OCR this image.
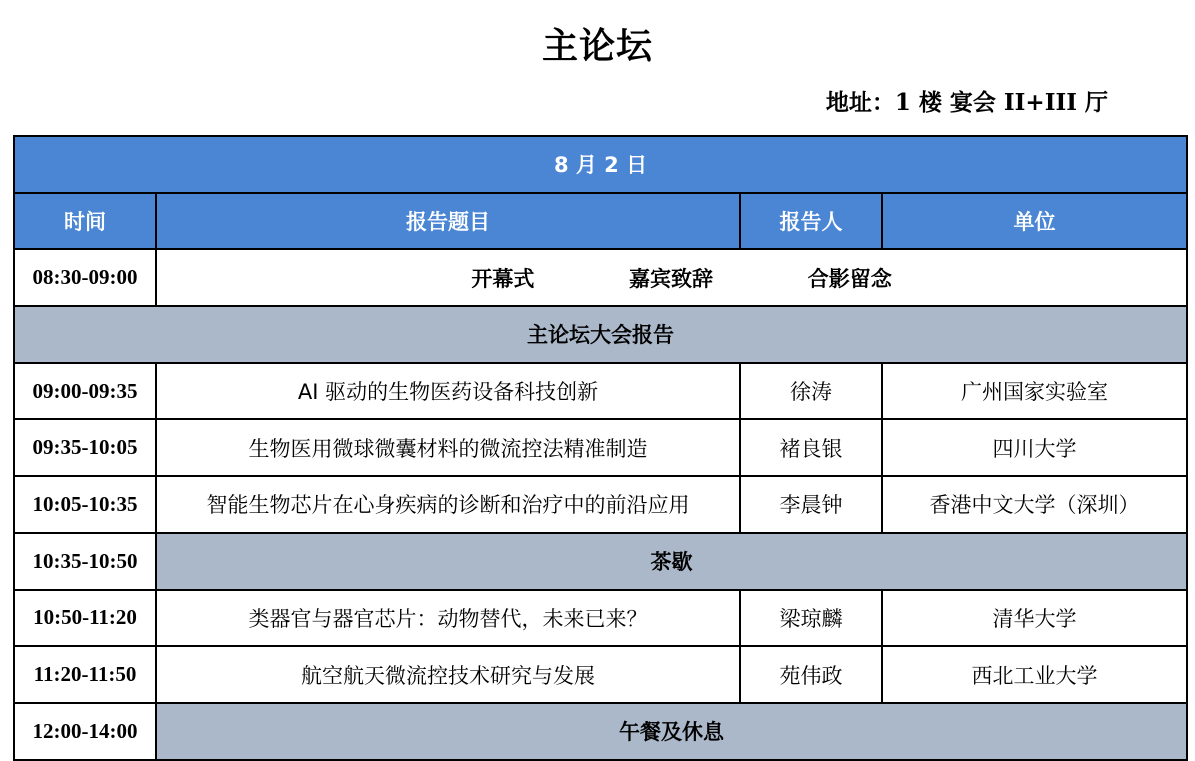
主论坛
地址：1 楼 宴会 II+III 厅
8 月 2 日			
时间	报告题目	报告人	单位
08:30-09:00	开幕式 嘉宾致辞 合影留念		
主论坛大会报告			
09:00-09:35	AI 驱动的生物医药设备科技创新	徐涛	广州国家实验室
09:35-10:05	生物医用微球微囊材料的微流控法精准制造	褚良银	四川大学
10:05-10:35	智能生物芯片在心身疾病的诊断和治疗中的前沿应用	李晨钟	香港中文大学（深圳）
10:35-10:50	茶歇		
10:50-11:20	类器官与器官芯片：动物替代，未来已来？	梁琼麟	清华大学
11:20-11:50	航空航天微流控技术研究与发展	苑伟政	西北工业大学
12:00-14:00	午餐及休息		
